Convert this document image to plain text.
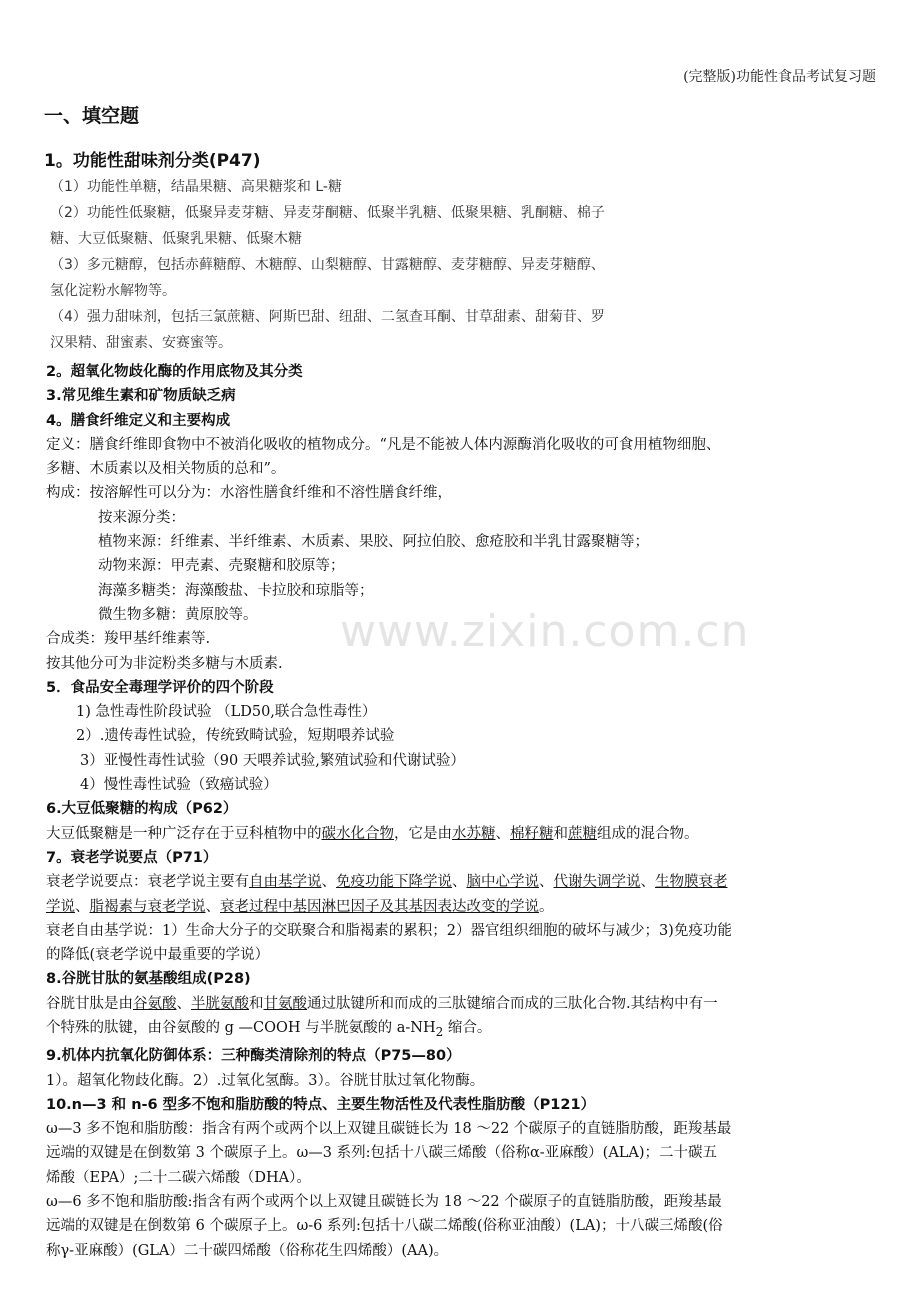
(完整版)功能性食品考试复习题
一、填空题
1。功能性甜味剂分类(P47)
（1）功能性单糖，结晶果糖、高果糖浆和 L-糖
（2）功能性低聚糖，低聚异麦芽糖、异麦芽酮糖、低聚半乳糖、低聚果糖、乳酮糖、棉子
糖、大豆低聚糖、低聚乳果糖、低聚木糖
（3）多元糖醇，包括赤藓糖醇、木糖醇、山梨糖醇、甘露糖醇、麦芽糖醇、异麦芽糖醇、
氢化淀粉水解物等。
（4）强力甜味剂，包括三氯蔗糖、阿斯巴甜、纽甜、二氢查耳酮、甘草甜素、甜菊苷、罗
汉果精、甜蜜素、安赛蜜等。
www.zixin.com.cn
2。超氧化物歧化酶的作用底物及其分类
3.常见维生素和矿物质缺乏病
4。膳食纤维定义和主要构成
定义：膳食纤维即食物中不被消化吸收的植物成分。“凡是不能被人体内源酶消化吸收的可食用植物细胞、
多糖、木质素以及相关物质的总和”。
构成：按溶解性可以分为：水溶性膳食纤维和不溶性膳食纤维，
按来源分类：
植物来源：纤维素、半纤维素、木质素、果胶、阿拉伯胶、愈疮胶和半乳甘露聚糖等；
动物来源：甲壳素、壳聚糖和胶原等；
海藻多糖类：海藻酸盐、卡拉胶和琼脂等；
微生物多糖：黄原胶等。
合成类：羧甲基纤维素等.
按其他分可为非淀粉类多糖与木质素.
5．食品安全毒理学评价的四个阶段
1) 急性毒性阶段试验 （LD50,联合急性毒性）
2）.遗传毒性试验，传统致畸试验，短期喂养试验
3）亚慢性毒性试验（90 天喂养试验,繁殖试验和代谢试验）
4）慢性毒性试验（致癌试验）
6.大豆低聚糖的构成（P62）
大豆低聚糖是一种广泛存在于豆科植物中的碳水化合物，它是由水苏糖、棉籽糖和蔗糖组成的混合物。
7。衰老学说要点（P71）
衰老学说要点：衰老学说主要有自由基学说、免疫功能下降学说、脑中心学说、代谢失调学说、生物膜衰老
学说、脂褐素与衰老学说、衰老过程中基因淋巴因子及其基因表达改变的学说。
衰老自由基学说：1）生命大分子的交联聚合和脂褐素的累积；2）器官组织细胞的破坏与减少；3)免疫功能
的降低(衰老学说中最重要的学说）
8.谷胱甘肽的氨基酸组成(P28)
谷胱甘肽是由谷氨酸、半胱氨酸和甘氨酸通过肽键所和而成的三肽键缩合而成的三肽化合物.其结构中有一
个特殊的肽键，由谷氨酸的 g —COOH 与半胱氨酸的 $a-NH_2$ 缩合。
9.机体内抗氧化防御体系：三种酶类清除剂的特点（P75—80）
1）。超氧化物歧化酶。2）.过氧化氢酶。3）。谷胱甘肽过氧化物酶。
10.n—3 和 n-6 型多不饱和脂肪酸的特点、主要生物活性及代表性脂肪酸（P121）
ω—3 多不饱和脂肪酸：指含有两个或两个以上双键且碳链长为 18 ～22 个碳原子的直链脂肪酸，距羧基最
远端的双键是在倒数第 3 个碳原子上。ω—3 系列:包括十八碳三烯酸（俗称α-亚麻酸）(ALA)；二十碳五
烯酸（EPA）;二十二碳六烯酸（DHA）。
ω—6 多不饱和脂肪酸:指含有两个或两个以上双键且碳链长为 18 ～22 个碳原子的直链脂肪酸，距羧基最
远端的双键是在倒数第 6 个碳原子上。ω-6 系列:包括十八碳二烯酸(俗称亚油酸）(LA)；十八碳三烯酸(俗
称γ-亚麻酸）(GLA）二十碳四烯酸（俗称花生四烯酸）(AA)。
